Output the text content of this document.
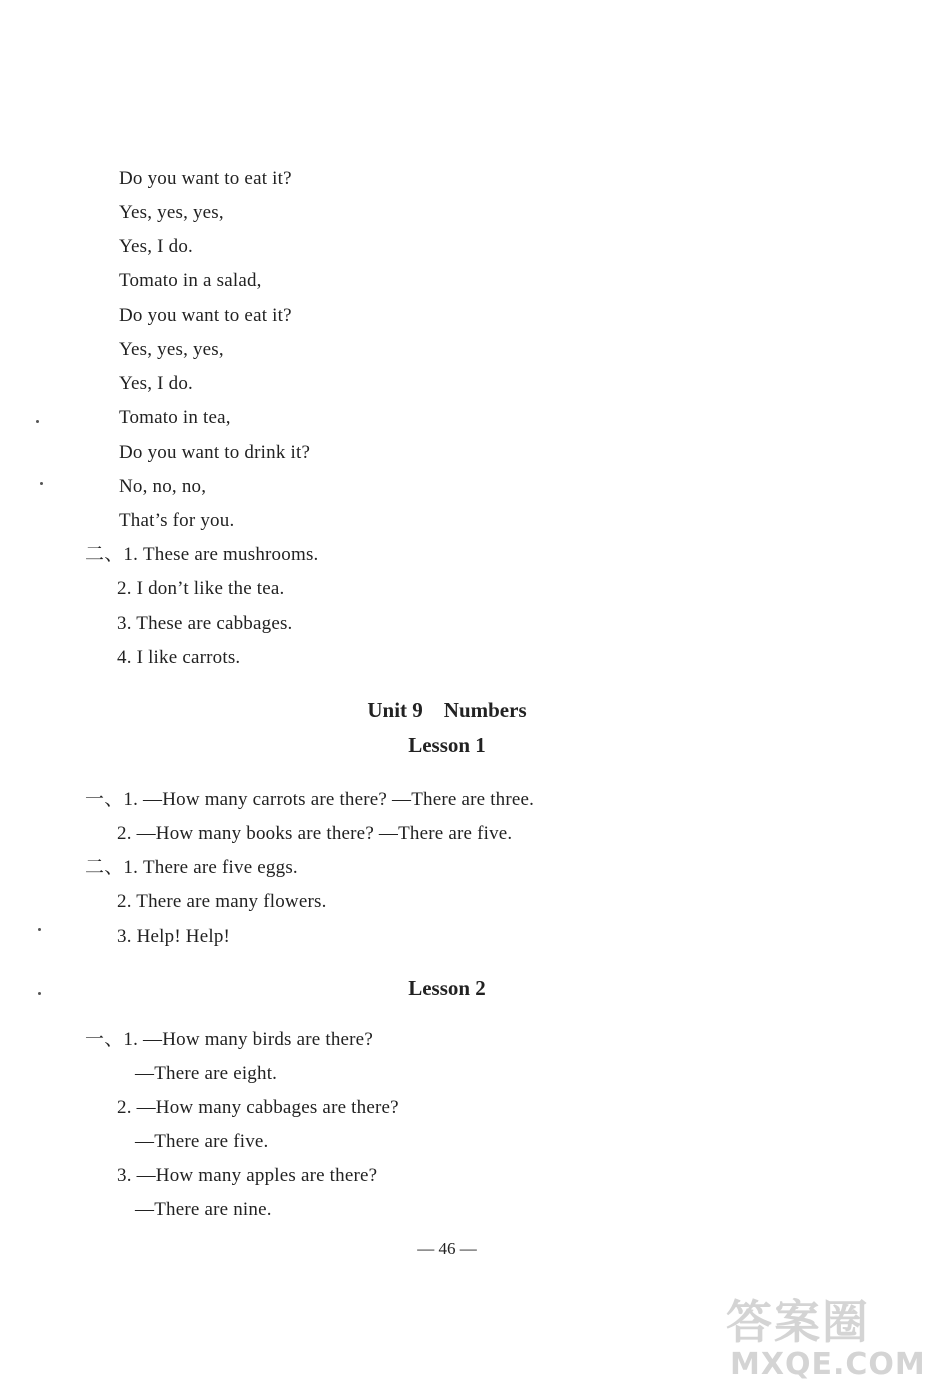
Do you want to eat it?
Yes, yes, yes,
Yes, I do.
Tomato in a salad,
Do you want to eat it?
Yes, yes, yes,
Yes, I do.
Tomato in tea,
Do you want to drink it?
No, no, no,
That’s for you.
二、1. These are mushrooms.
2. I don’t like the tea.
3. These are cabbages.
4. I like carrots.
Unit 9    Numbers
Lesson 1
一、1. —How many carrots are there? —There are three.
2. —How many books are there? —There are five.
二、1. There are five eggs.
2. There are many flowers.
3. Help! Help!
Lesson 2
一、1. —How many birds are there?
—There are eight.
2. —How many cabbages are there?
—There are five.
3. —How many apples are there?
—There are nine.
— 46 —
答案圈
MXQE.COM
